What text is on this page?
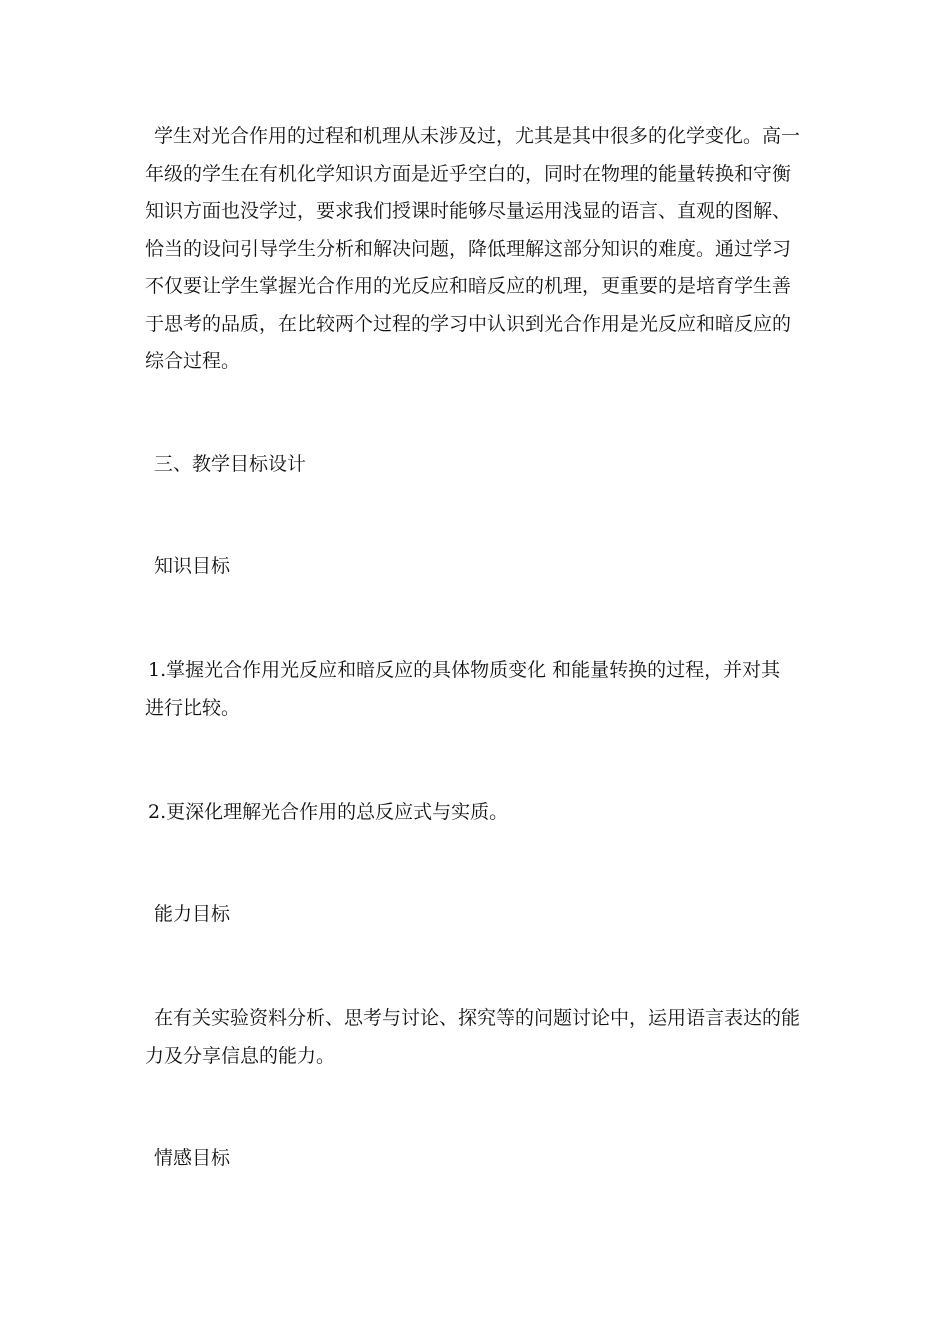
学生对光合作用的过程和机理从未涉及过，尤其是其中很多的化学变化。高一
年级的学生在有机化学知识方面是近乎空白的，同时在物理的能量转换和守衡
知识方面也没学过，要求我们授课时能够尽量运用浅显的语言、直观的图解、
恰当的设问引导学生分析和解决问题，降低理解这部分知识的难度。通过学习
不仅要让学生掌握光合作用的光反应和暗反应的机理，更重要的是培育学生善
于思考的品质，在比较两个过程的学习中认识到光合作用是光反应和暗反应的
综合过程。
三、教学目标设计
知识目标
1.掌握光合作用光反应和暗反应的具体物质变化 和能量转换的过程，并对其
进行比较。
2.更深化理解光合作用的总反应式与实质。
能力目标
在有关实验资料分析、思考与讨论、探究等的问题讨论中，运用语言表达的能
力及分享信息的能力。
情感目标
